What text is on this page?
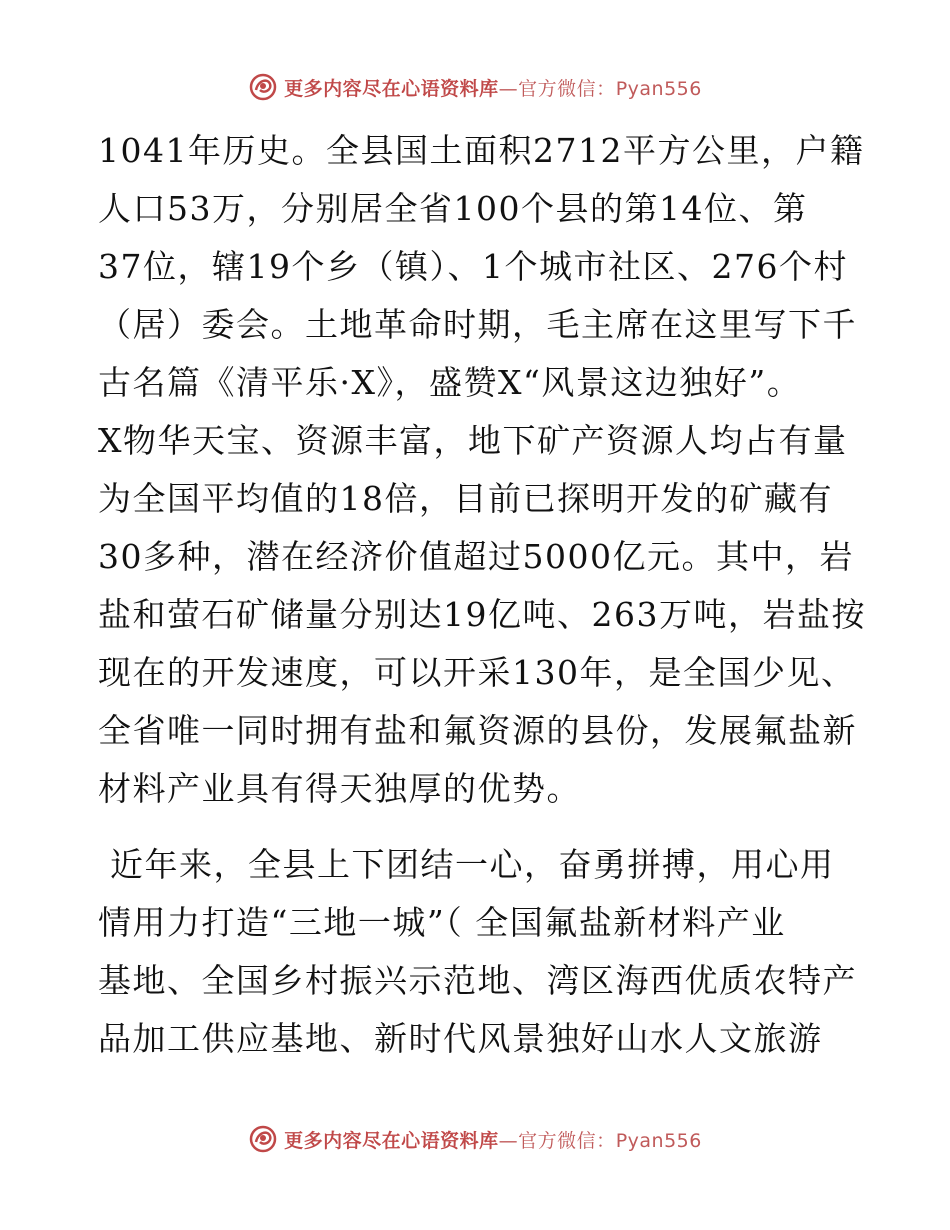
更多内容尽在心语资料库—官方微信：Pyan556
1041年历史。全县国土面积2712平方公里，户籍
人口53万，分别居全省100个县的第14位、第
37位，辖19个乡（镇）、1个城市社区、276个村
（居）委会。土地革命时期，毛主席在这里写下千
古名篇《清平乐·X》，盛赞X“风景这边独好”。
X物华天宝、资源丰富，地下矿产资源人均占有量
为全国平均值的18倍，目前已探明开发的矿藏有
30多种，潜在经济价值超过5000亿元。其中，岩
盐和萤石矿储量分别达19亿吨、263万吨，岩盐按
现在的开发速度，可以开采130年，是全国少见、
全省唯一同时拥有盐和氟资源的县份，发展氟盐新
材料产业具有得天独厚的优势。
近年来，全县上下团结一心，奋勇拼搏，用心用
情用力打造“三地一城”（ 全国氟盐新材料产业
基地、全国乡村振兴示范地、湾区海西优质农特产
品加工供应基地、新时代风景独好山水人文旅游
更多内容尽在心语资料库—官方微信：Pyan556
